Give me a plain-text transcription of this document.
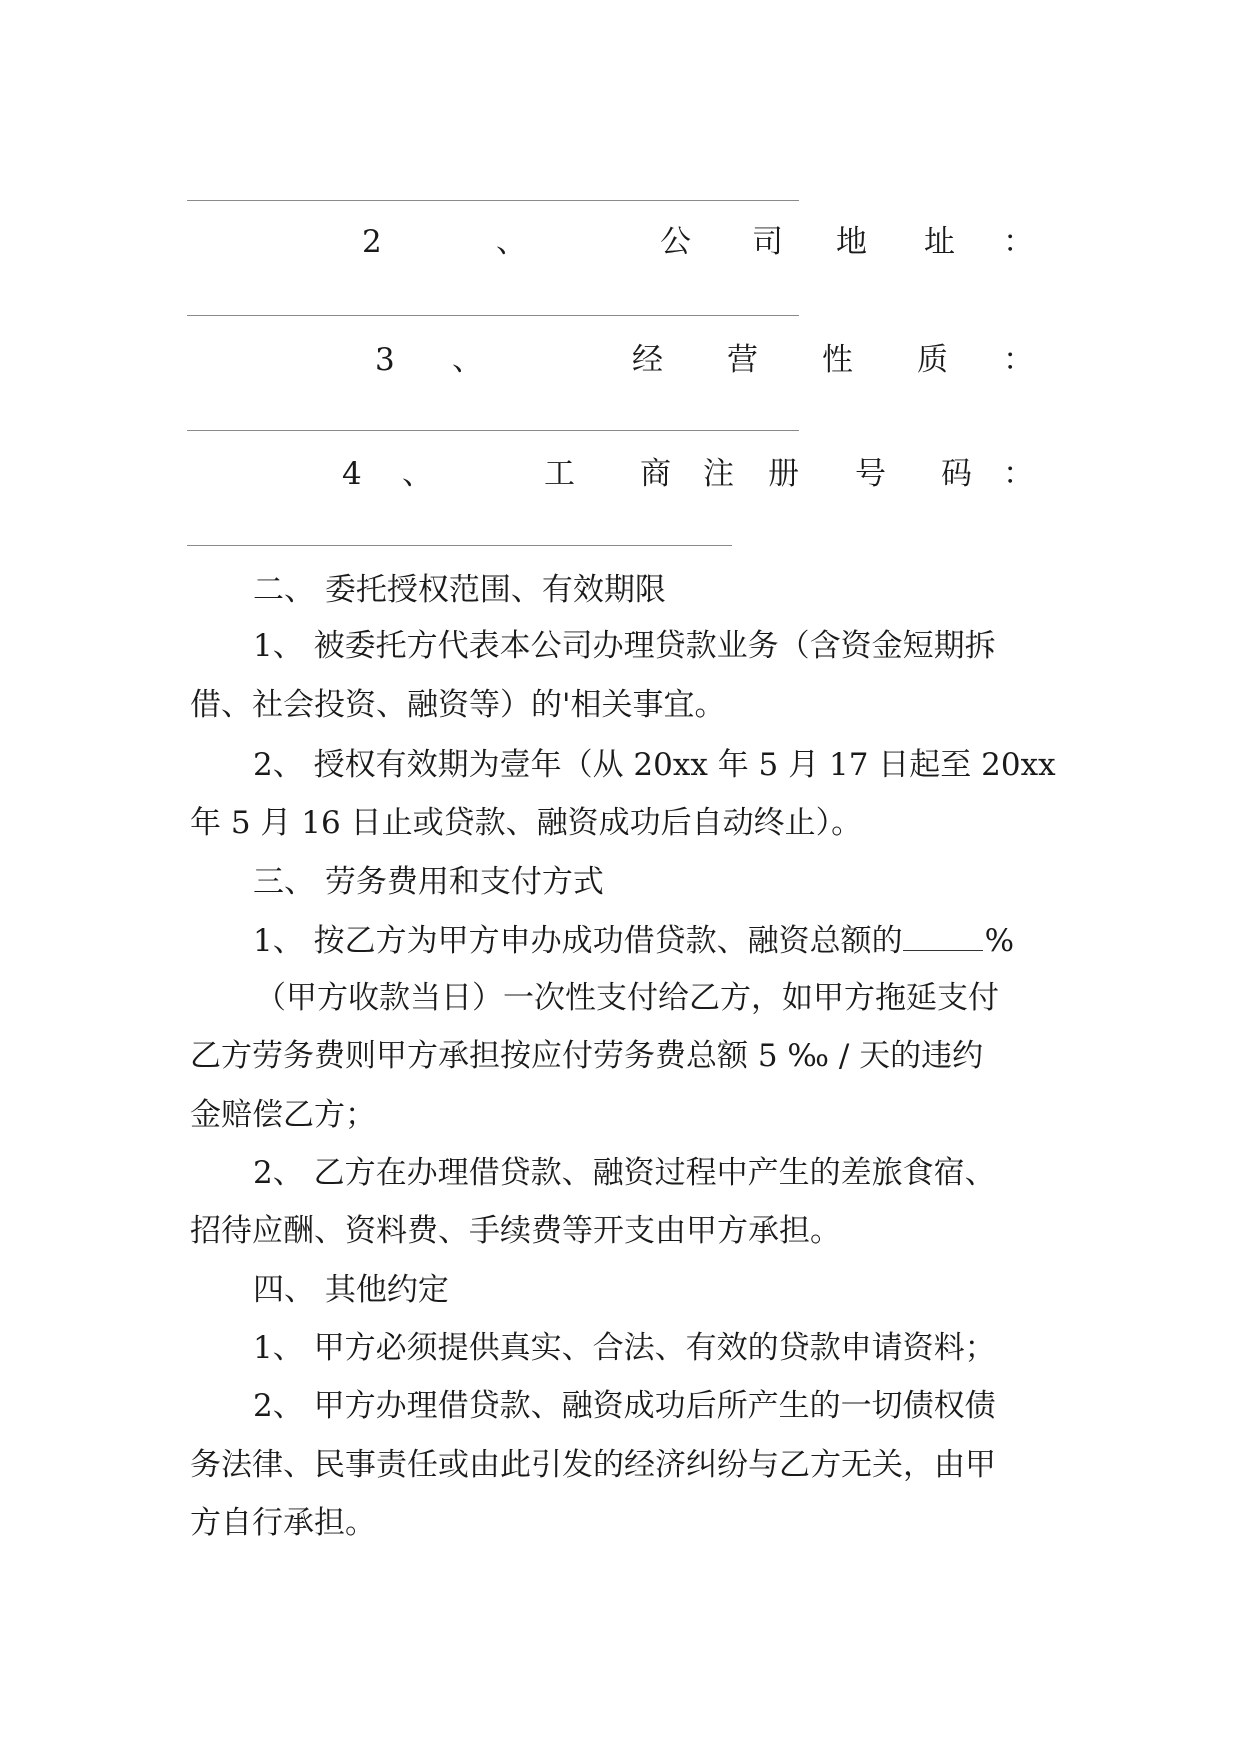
2	、	公 司 地 址 ：
3 、	经 营 性 质 ：
4 、	工 商 注 册 号 码 ：
二、 委托授权范围、有效期限
1、 被委托方代表本公司办理贷款业务（含资金短期拆
借、社会投资、融资等）的'相关事宜。
2、 授权有效期为壹年（从 20xx 年 5 月 17 日起至 20xx
年 5 月 16 日止或贷款、融资成功后自动终止）。
三、 劳务费用和支付方式
1、 按乙方为甲方申办成功借贷款、融资总额的	%
（甲方收款当日）一次性支付给乙方，如甲方拖延支付
乙方劳务费则甲方承担按应付劳务费总额 5 ‰ / 天的违约
金赔偿乙方；
2、 乙方在办理借贷款、融资过程中产生的差旅食宿、
招待应酬、资料费、手续费等开支由甲方承担。
四、 其他约定
1、 甲方必须提供真实、合法、有效的贷款申请资料；
2、 甲方办理借贷款、融资成功后所产生的一切债权债
务法律、民事责任或由此引发的经济纠纷与乙方无关，由甲
方自行承担。
